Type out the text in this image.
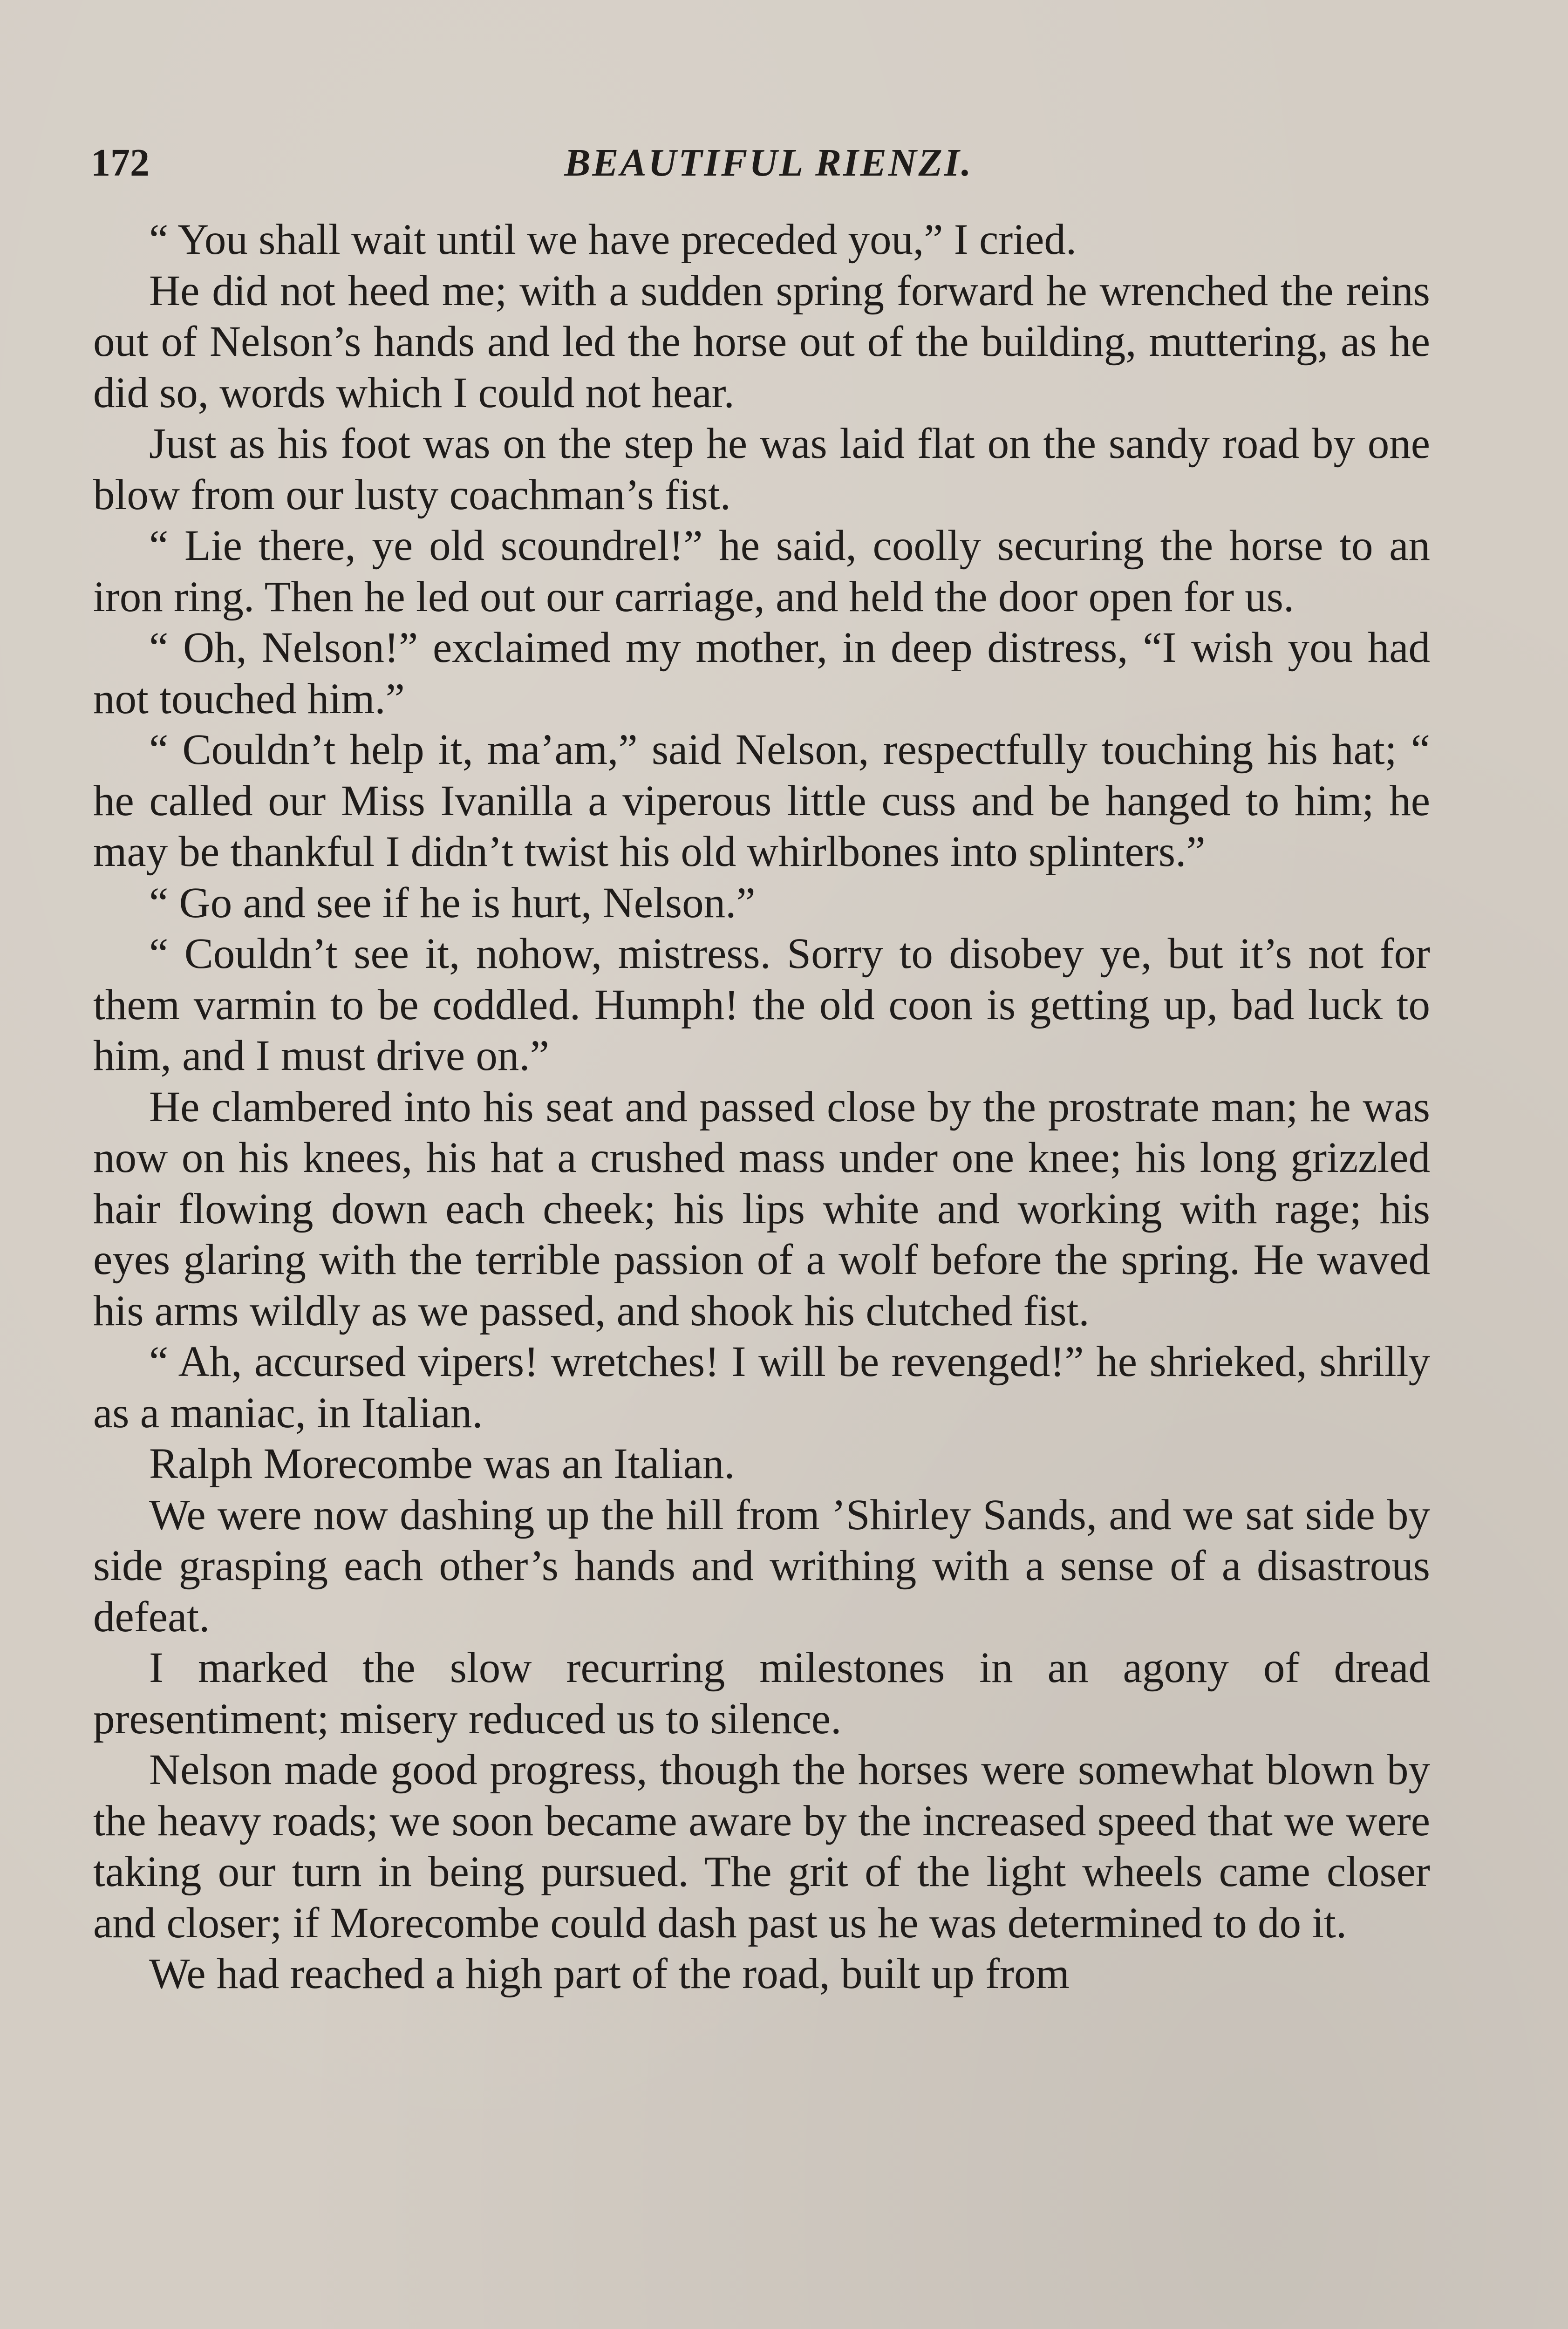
172	BEAUTIFUL RIENZI.

“ You shall wait until we have preceded you,” I cried.

He did not heed me; with a sudden spring forward he wrenched the reins out of Nelson’s hands and led the horse out of the building, muttering, as he did so, words which I could not hear.

Just as his foot was on the step he was laid flat on the sandy road by one blow from our lusty coachman’s fist.

“ Lie there, ye old scoundrel!” he said, coolly securing the horse to an iron ring. Then he led out our carriage, and held the door open for us.

“ Oh, Nelson!” exclaimed my mother, in deep distress, “I wish you had not touched him.”

“ Couldn’t help it, ma’am,” said Nelson, respectfully touching his hat; “ he called our Miss Ivanilla a viperous little cuss and be hanged to him; he may be thankful I didn’t twist his old whirlbones into splinters.”

“ Go and see if he is hurt, Nelson.”

“ Couldn’t see it, nohow, mistress. Sorry to disobey ye, but it’s not for them varmin to be coddled. Humph! the old coon is getting up, bad luck to him, and I must drive on.”

He clambered into his seat and passed close by the prostrate man; he was now on his knees, his hat a crushed mass under one knee; his long grizzled hair flowing down each cheek; his lips white and working with rage; his eyes glaring with the terrible passion of a wolf before the spring. He waved his arms wildly as we passed, and shook his clutched fist.

“ Ah, accursed vipers! wretches! I will be revenged!” he shrieked, shrilly as a maniac, in Italian.

Ralph Morecombe was an Italian.

We were now dashing up the hill from ’Shirley Sands, and we sat side by side grasping each other’s hands and writhing with a sense of a disastrous defeat.

I marked the slow recurring milestones in an agony of dread presentiment; misery reduced us to silence.

Nelson made good progress, though the horses were somewhat blown by the heavy roads; we soon became aware by the increased speed that we were taking our turn in being pursued. The grit of the light wheels came closer and closer; if Morecombe could dash past us he was determined to do it.

We had reached a high part of the road, built up from
